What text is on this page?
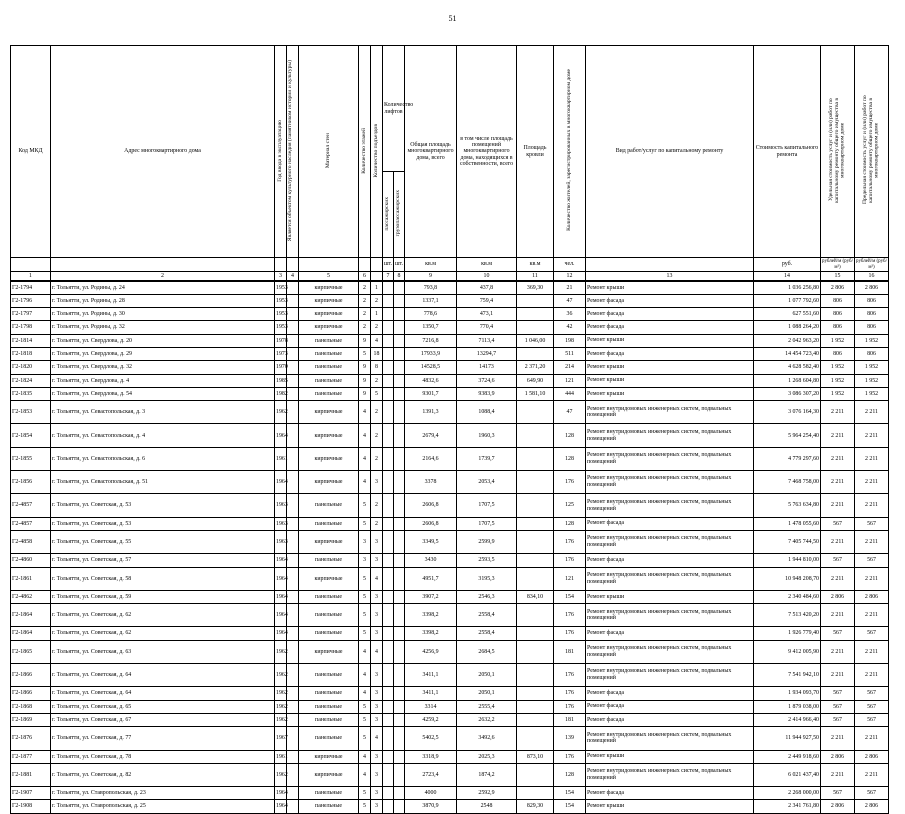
51
Код МКД	Адрес многоквартирного дома	Год ввода в эксплуатацию	Является объектом культурного наследия (памятником истории и культуры)	Материал стен	Количество этажей	Количество подъездов	Количество лифтов		Общая площадь многоквартирного дома, всего	в том числе площадь помещений многоквартирного дома, находящихся в собственности, всего	Площадь кровли	Количество жителей, зарегистрированных в многоквартирном доме	Вид работ/услуг по капитальному ремонту	Стоимость капитального ремонта	Удельная стоимость услуг и (или) работ по капитальному ремонту общего имущества в многоквартирном доме	Предельная стоимость услуг и (или) работ по капитальному ремонту общего имущества в многоквартирном доме
							пассажирских	грузопассажирских								
							шт.	шт.	кв.м	кв.м	кв.м	чел.		руб.	рублей/м (руб/м²)	рублей/м (руб/м²)
1	2	3	4	5	6		7	8	9	10	11	12	13	14	15	16
Г2-1794	г. Тольятти, ул. Родины, д. 24	1953		кирпичные	2	1			793,8	437,8	369,30	21	Ремонт крыши	1 036 256,80	2 806	2 806
Г2-1796	г. Тольятти, ул. Родины, д. 28	1953		кирпичные	2	2			1337,1	759,4		47	Ремонт фасада	1 077 792,60	806	806
Г2-1797	г. Тольятти, ул. Родины, д. 30	1953		кирпичные	2	1			778,6	473,1		36	Ремонт фасада	627 551,60	806	806
Г2-1798	г. Тольятти, ул. Родины, д. 32	1953		кирпичные	2	2			1350,7	770,4		42	Ремонт фасада	1 088 264,20	806	806
Г2-1814	г. Тольятти, ул. Свердлова, д. 20	1978		панельные	9	4			7216,8	7113,4	1 046,00	198	Ремонт крыши	2 042 963,20	1 952	1 952
Г2-1818	г. Тольятти, ул. Свердлова, д. 29	1973		панельные	5	18			17933,9	13294,7		511	Ремонт фасада	14 454 723,40	806	806
Г2-1820	г. Тольятти, ул. Свердлова, д. 32	1970		панельные	9	8			14528,5	14173	2 371,20	214	Ремонт крыши	4 628 582,40	1 952	1 952
Г2-1824	г. Тольятти, ул. Свердлова, д. 4	1985		панельные	9	2			4832,6	3724,6	649,90	121	Ремонт крыши	1 268 604,80	1 952	1 952
Г2-1835	г. Тольятти, ул. Свердлова, д. 54	1982		панельные	9	5			9301,7	9383,9	1 581,10	444	Ремонт крыши	3 086 307,20	1 952	1 952
Г2-1853	г. Тольятти, ул. Севастопольская, д. 3	1962		кирпичные	4	2			1391,3	1088,4		47	Ремонт внутридомовых инженерных систем, подвальных помещений	3 076 164,30	2 211	2 211
Г2-1854	г. Тольятти, ул. Севастопольская, д. 4	1964		кирпичные	4	2			2679,4	1960,3		128	Ремонт внутридомовых инженерных систем, подвальных помещений	5 964 254,40	2 211	2 211
Г2-1855	г. Тольятти, ул. Севастопольская, д. 6	1961		кирпичные	4	2			2164,6	1739,7		128	Ремонт внутридомовых инженерных систем, подвальных помещений	4 779 297,60	2 211	2 211
Г2-1856	г. Тольятти, ул. Севастопольская, д. 51	1964		кирпичные	4	3			3378	2053,4		176	Ремонт внутридомовых инженерных систем, подвальных помещений	7 468 758,00	2 211	2 211
Г2-4857	г. Тольятти, ул. Советская, д. 53	1963		панельные	5	2			2606,8	1707,5		125	Ремонт внутридомовых инженерных систем, подвальных помещений	5 763 634,80	2 211	2 211
Г2-4857	г. Тольятти, ул. Советская, д. 53	1963		панельные	5	2			2606,8	1707,5		128	Ремонт фасада	1 478 055,60	567	567
Г2-4858	г. Тольятти, ул. Советская, д. 55	1963		кирпичные	3	3			3349,5	2599,9		176	Ремонт внутридомовых инженерных систем, подвальных помещений	7 405 744,50	2 211	2 211
Г2-4860	г. Тольятти, ул. Советская, д. 57	1964		панельные	3	3			3430	2593,5		176	Ремонт фасада	1 944 810,00	567	567
Г2-1861	г. Тольятти, ул. Советская, д. 58	1964		кирпичные	5	4			4951,7	3195,3		121	Ремонт внутридомовых инженерных систем, подвальных помещений	10 948 208,70	2 211	2 211
Г2-4862	г. Тольятти, ул. Советская, д. 59	1964		панельные	5	3			3907,2	2546,3	834,10	154	Ремонт крыши	2 340 484,60	2 806	2 806
Г2-1864	г. Тольятти, ул. Советская, д. 62	1964		панельные	5	3			3398,2	2558,4		176	Ремонт внутридомовых инженерных систем, подвальных помещений	7 513 420,20	2 211	2 211
Г2-1864	г. Тольятти, ул. Советская, д. 62	1964		панельные	5	3			3398,2	2558,4		176	Ремонт фасада	1 926 779,40	567	567
Г2-1865	г. Тольятти, ул. Советская, д. 63	1962		кирпичные	4	4			4256,9	2684,5		181	Ремонт внутридомовых инженерных систем, подвальных помещений	9 412 005,90	2 211	2 211
Г2-1866	г. Тольятти, ул. Советская, д. 64	1962		панельные	4	3			3411,1	2050,1		176	Ремонт внутридомовых инженерных систем, подвальных помещений	7 541 942,10	2 211	2 211
Г2-1866	г. Тольятти, ул. Советская, д. 64	1962		панельные	4	3			3411,1	2050,1		176	Ремонт фасада	1 934 093,70	567	567
Г2-1868	г. Тольятти, ул. Советская, д. 65	1962		панельные	5	3			3314	2555,4		176	Ремонт фасада	1 879 038,00	567	567
Г2-1869	г. Тольятти, ул. Советская, д. 67	1962		панельные	5	3			4259,2	2632,2		181	Ремонт фасада	2 414 966,40	567	567
Г2-1876	г. Тольятти, ул. Советская, д. 77	1967		панельные	5	4			5402,5	3492,6		139	Ремонт внутридомовых инженерных систем, подвальных помещений	11 944 927,50	2 211	2 211
Г2-1877	г. Тольятти, ул. Советская, д. 78	1961		кирпичные	4	3			3318,9	2025,3	873,10	176	Ремонт крыши	2 449 918,60	2 806	2 806
Г2-1881	г. Тольятти, ул. Советская, д. 82	1962		кирпичные	4	3			2723,4	1874,2		128	Ремонт внутридомовых инженерных систем, подвальных помещений	6 021 437,40	2 211	2 211
Г2-1907	г. Тольятти, ул. Ставропольская, д. 23	1964		панельные	5	3			4000	2592,9		154	Ремонт фасада	2 268 000,00	567	567
Г2-1908	г. Тольятти, ул. Ставропольская, д. 25	1964		панельные	5	3			3870,9	2548	829,30	154	Ремонт крыши	2 341 761,80	2 806	2 806
